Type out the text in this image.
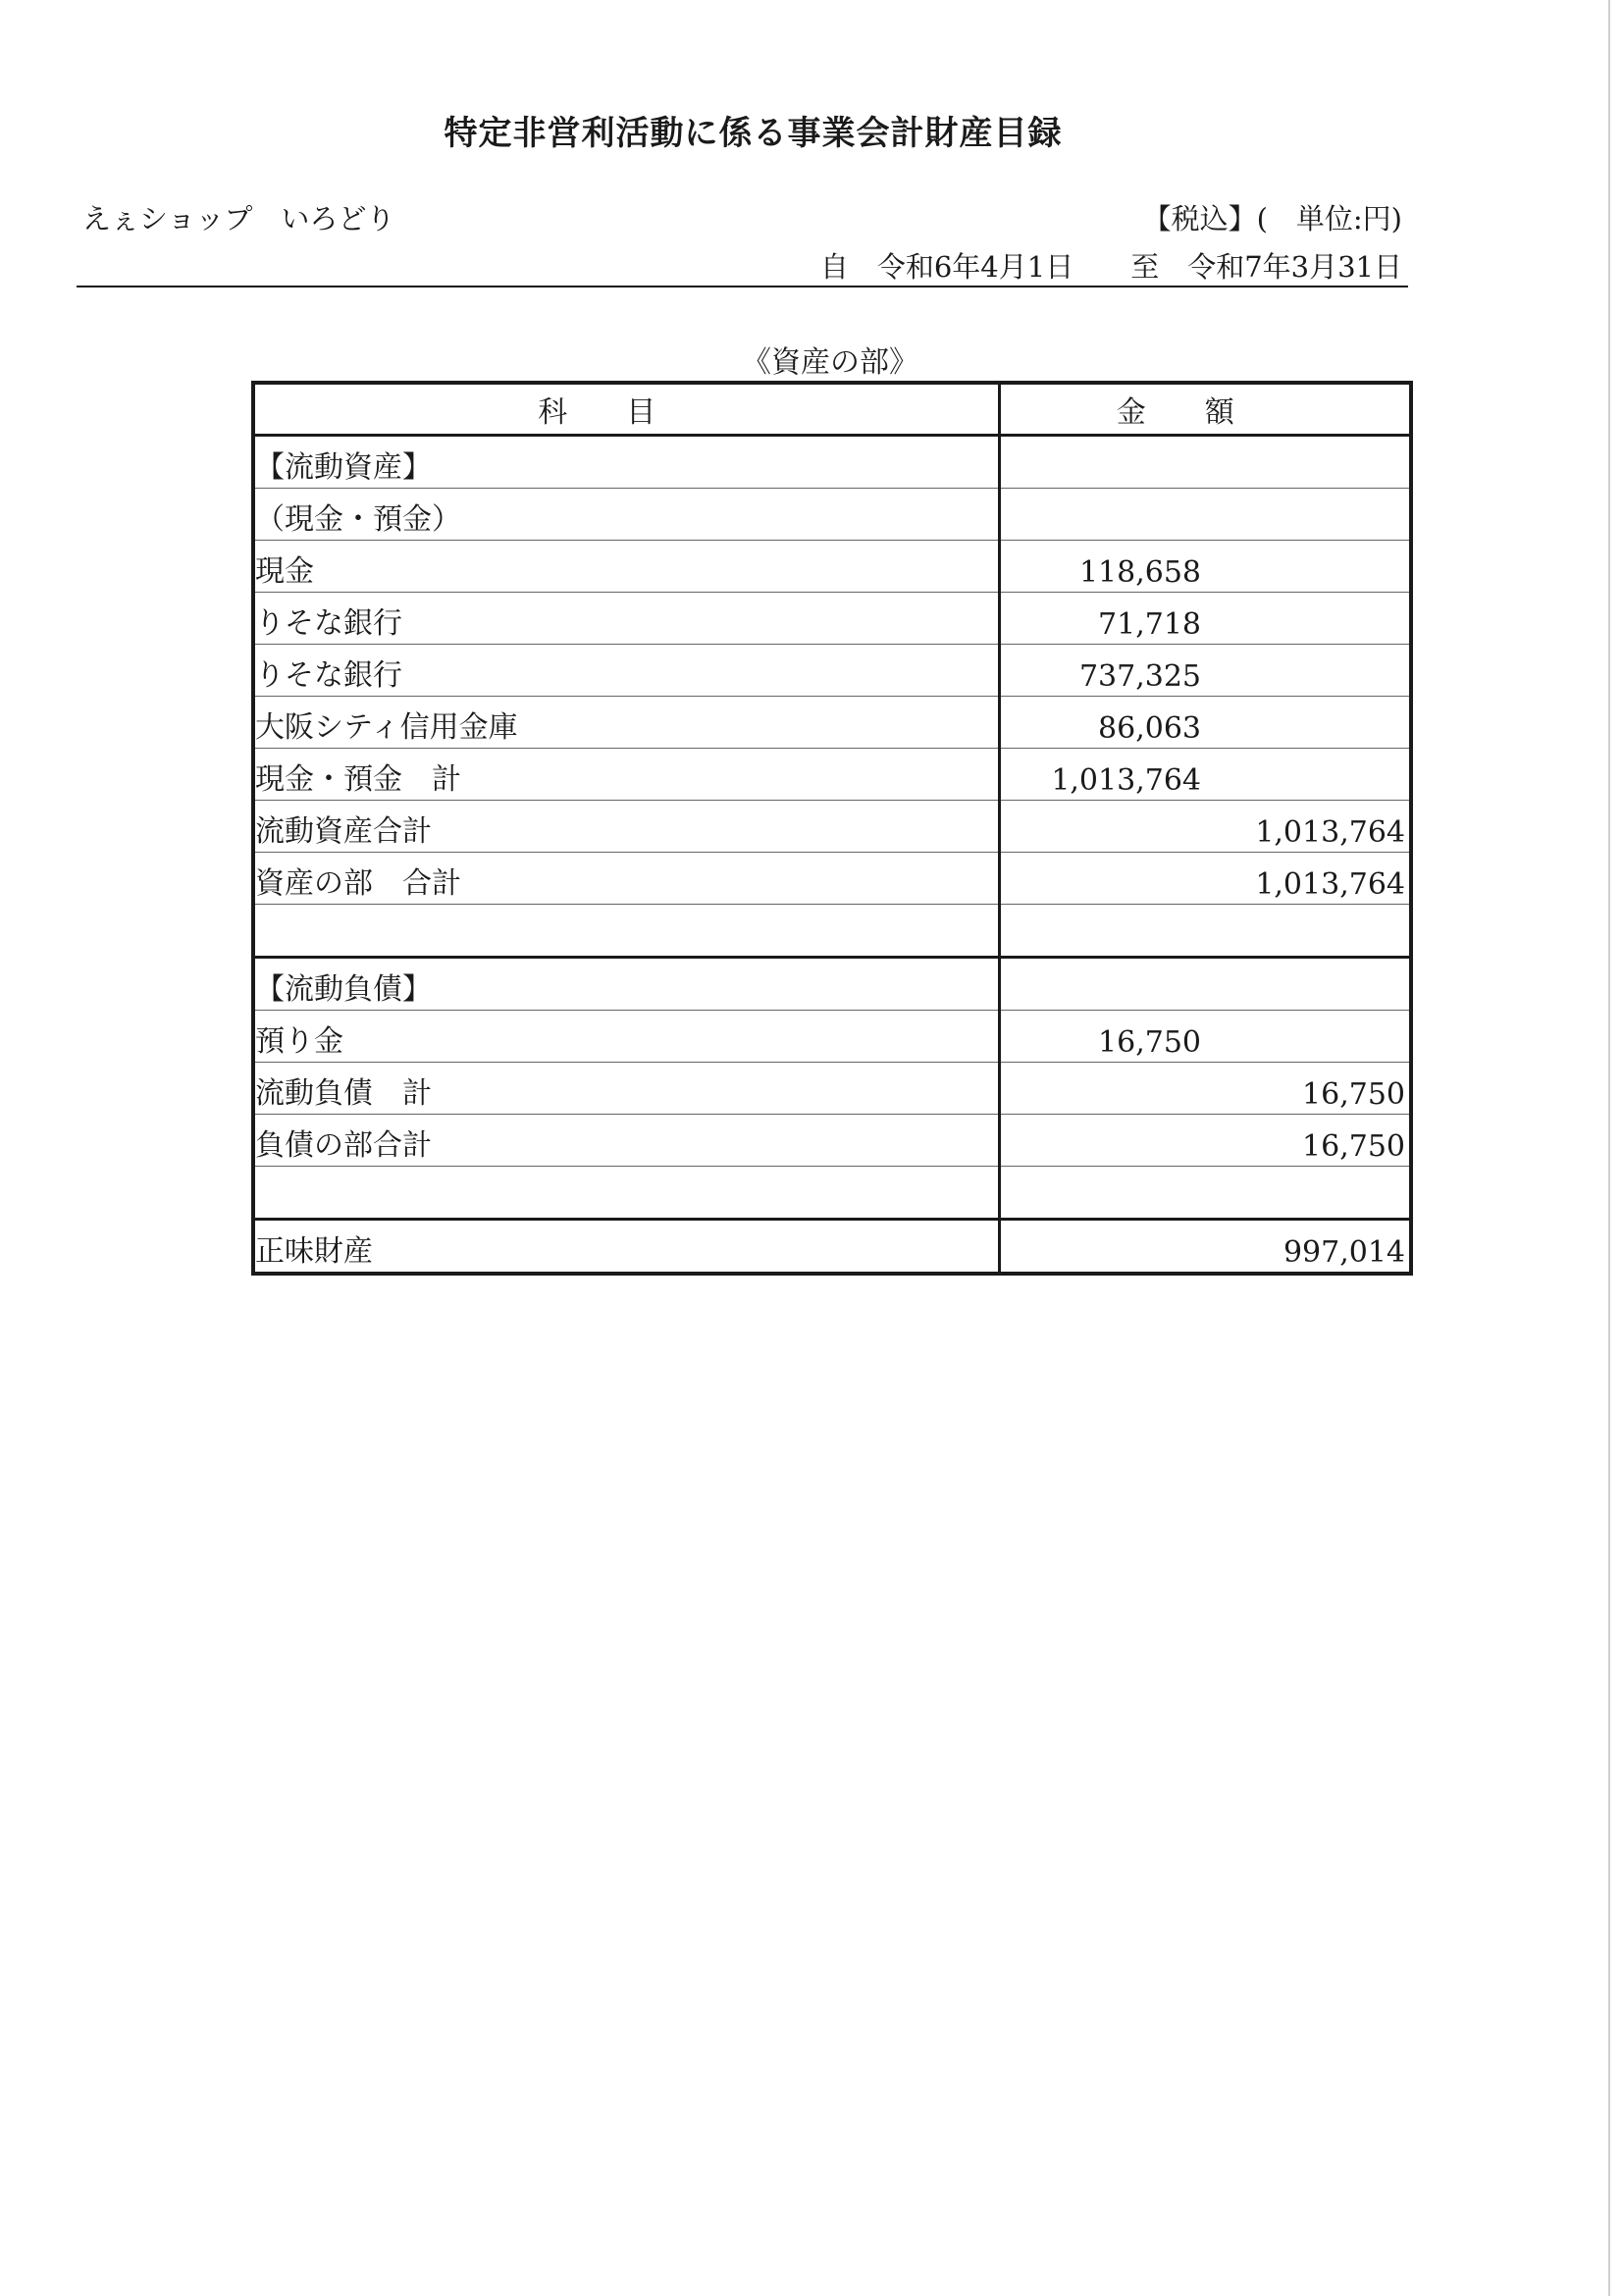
特定非営利活動に係る事業会計財産目録
えぇショップ　いろどり	【税込】(　単位:円)
自　令和6年4月1日　　至　令和7年3月31日
《資産の部》
科目	金額
【流動資産】	
（現金・預金）	
現金	118,658

りそな銀行	71,718

りそな銀行	737,325

大阪シティ信用金庫	86,063

現金・預金　計	1,013,764

流動資産合計	1,013,764

資産の部　合計	1,013,764

【流動負債】	
預り金	16,750

流動負債　計	16,750

負債の部合計	16,750

正味財産	997,014
